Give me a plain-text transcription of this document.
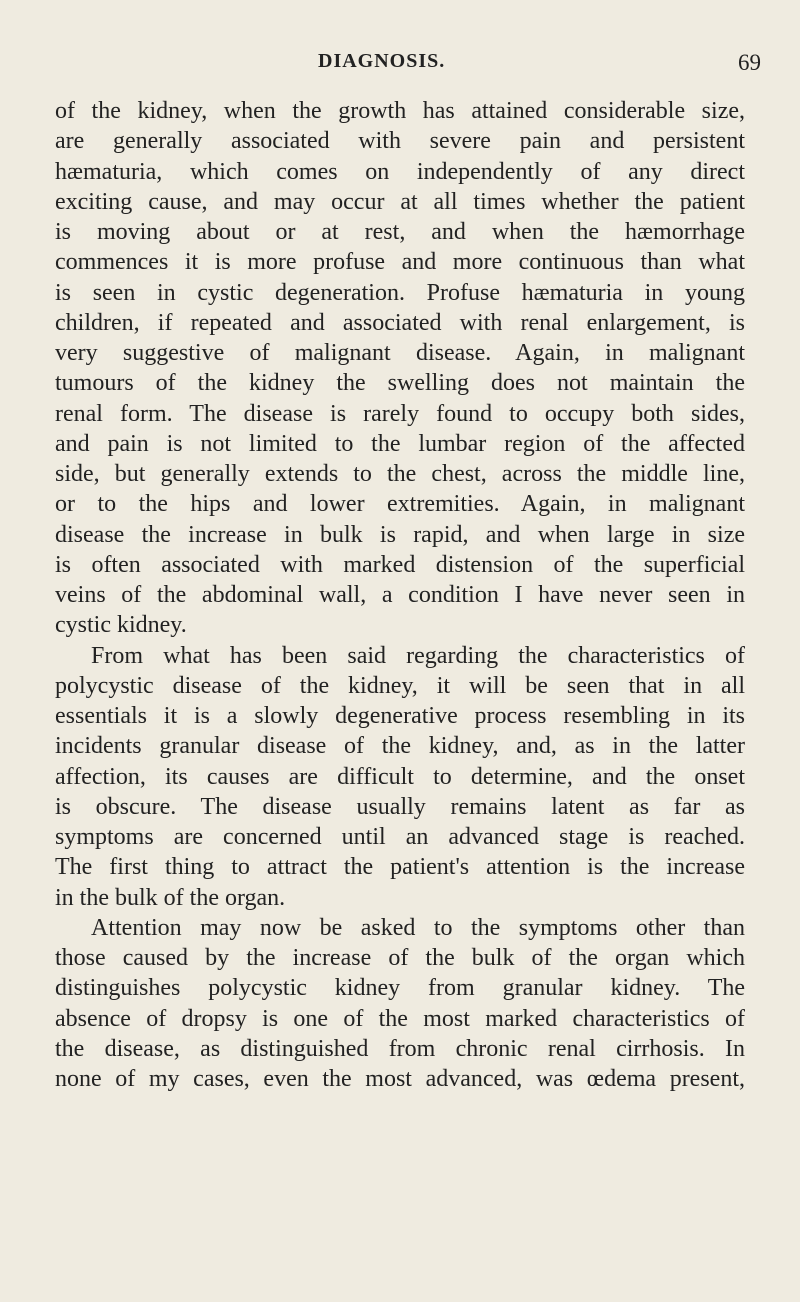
DIAGNOSIS.	69
of the kidney, when the growth has attained considerable size,
are generally associated with severe pain and persistent
hæmaturia, which comes on independently of any direct
exciting cause, and may occur at all times whether the patient
is moving about or at rest, and when the hæmorrhage
commences it is more profuse and more continuous than what
is seen in cystic degeneration. Profuse hæmaturia in young
children, if repeated and associated with renal enlargement, is
very suggestive of malignant disease. Again, in malignant
tumours of the kidney the swelling does not maintain the
renal form. The disease is rarely found to occupy both sides,
and pain is not limited to the lumbar region of the affected
side, but generally extends to the chest, across the middle line,
or to the hips and lower extremities. Again, in malignant
disease the increase in bulk is rapid, and when large in size
is often associated with marked distension of the superficial
veins of the abdominal wall, a condition I have never seen in
cystic kidney.
From what has been said regarding the characteristics of
polycystic disease of the kidney, it will be seen that in all
essentials it is a slowly degenerative process resembling in its
incidents granular disease of the kidney, and, as in the latter
affection, its causes are difficult to determine, and the onset
is obscure. The disease usually remains latent as far as
symptoms are concerned until an advanced stage is reached.
The first thing to attract the patient's attention is the increase
in the bulk of the organ.
Attention may now be asked to the symptoms other than
those caused by the increase of the bulk of the organ which
distinguishes polycystic kidney from granular kidney. The
absence of dropsy is one of the most marked characteristics of
the disease, as distinguished from chronic renal cirrhosis. In
none of my cases, even the most advanced, was œdema present,
